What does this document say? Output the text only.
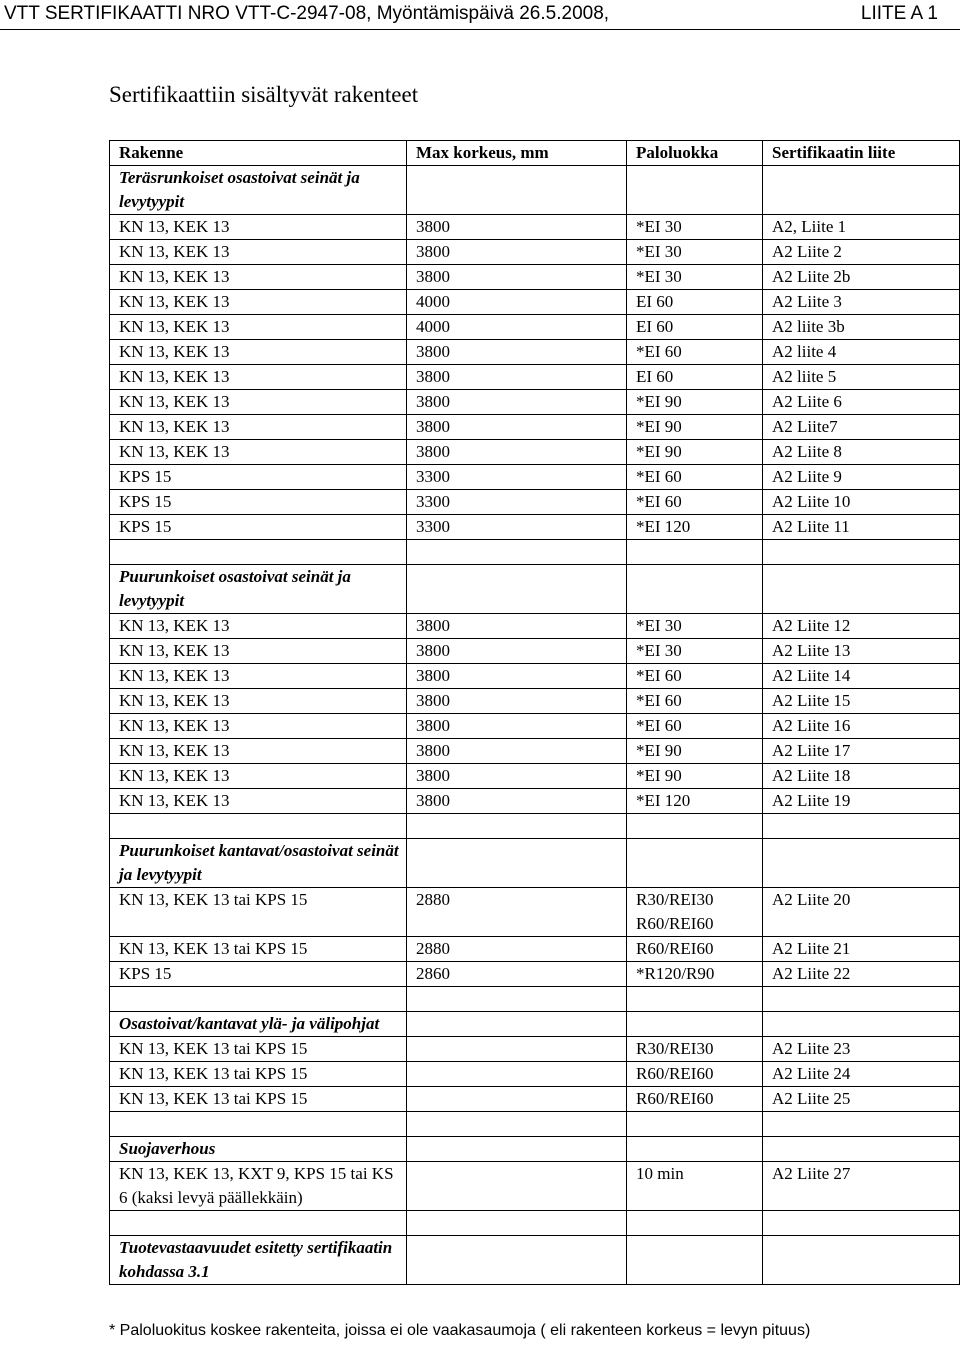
VTT SERTIFIKAATTI NRO VTT-C-2947-08, Myöntämispäivä 26.5.2008,	LIITE A 1
Sertifikaattiin sisältyvät rakenteet
Rakenne	Max korkeus, mm	Paloluokka	Sertifikaatin liite
Teräsrunkoiset osastoivat seinät ja levytyypit			
KN 13, KEK 13	3800	*EI 30	A2, Liite 1
KN 13, KEK 13	3800	*EI 30	A2 Liite 2
KN 13, KEK 13	3800	*EI 30	A2 Liite 2b
KN 13, KEK 13	4000	EI 60	A2 Liite 3
KN 13, KEK 13	4000	EI 60	A2 liite 3b
KN 13, KEK 13	3800	*EI 60	A2 liite 4
KN 13, KEK 13	3800	EI 60	A2 liite 5
KN 13, KEK 13	3800	*EI 90	A2 Liite 6
KN 13, KEK 13	3800	*EI 90	A2 Liite7
KN 13, KEK 13	3800	*EI 90	A2 Liite 8
KPS 15	3300	*EI 60	A2 Liite 9
KPS 15	3300	*EI 60	A2 Liite 10
KPS 15	3300	*EI 120	A2 Liite 11

Puurunkoiset osastoivat seinät ja levytyypit			
KN 13, KEK 13	3800	*EI 30	A2 Liite 12
KN 13, KEK 13	3800	*EI 30	A2 Liite 13
KN 13, KEK 13	3800	*EI 60	A2 Liite 14
KN 13, KEK 13	3800	*EI 60	A2 Liite 15
KN 13, KEK 13	3800	*EI 60	A2 Liite 16
KN 13, KEK 13	3800	*EI 90	A2 Liite 17
KN 13, KEK 13	3800	*EI 90	A2 Liite 18
KN 13, KEK 13	3800	*EI 120	A2 Liite 19

Puurunkoiset kantavat/osastoivat seinät ja levytyypit			
KN 13, KEK 13 tai KPS 15	2880	R30/REI30 R60/REI60	A2 Liite 20
KN 13, KEK 13 tai KPS 15	2880	R60/REI60	A2 Liite 21
KPS 15	2860	*R120/R90	A2 Liite 22

Osastoivat/kantavat ylä- ja välipohjat			
KN 13, KEK 13 tai KPS 15		R30/REI30	A2 Liite 23
KN 13, KEK 13 tai KPS 15		R60/REI60	A2 Liite 24
KN 13, KEK 13 tai KPS 15		R60/REI60	A2 Liite 25

Suojaverhous			
KN 13, KEK 13, KXT 9, KPS 15 tai KS 6 (kaksi levyä päällekkäin)		10 min	A2 Liite 27

Tuotevastaavuudet esitetty sertifikaatin kohdassa 3.1			
* Paloluokitus koskee rakenteita, joissa ei ole vaakasaumoja ( eli rakenteen korkeus = levyn pituus)
